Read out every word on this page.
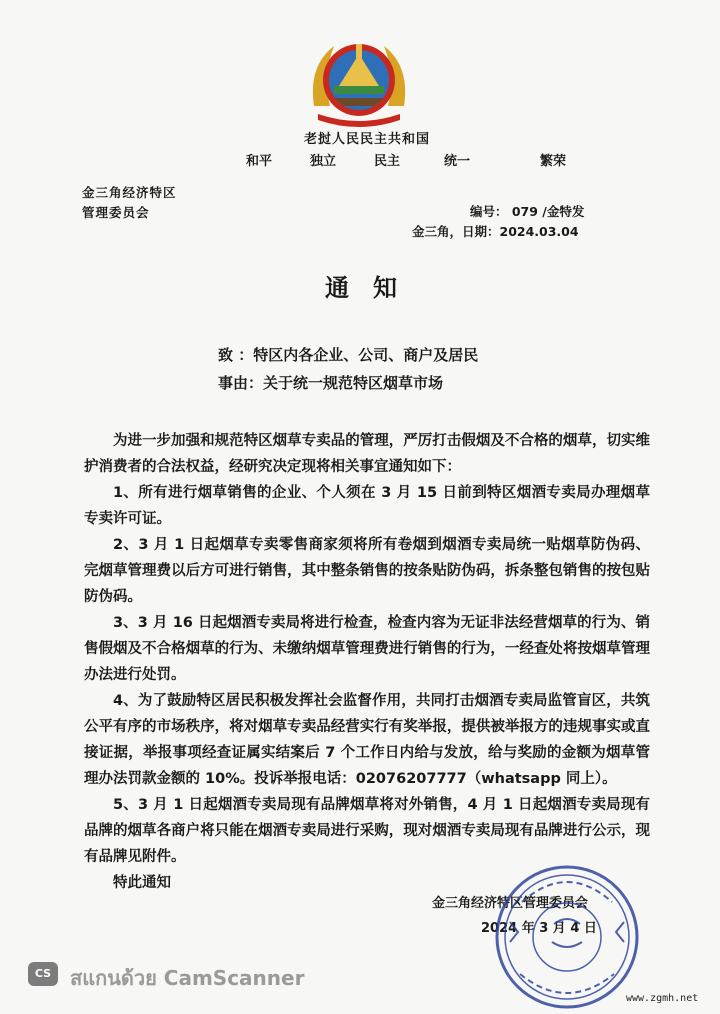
老挝人民民主共和国
和平	独立	民主	统一	繁荣
金三角经济特区
管理委员会	编号： 079 /金特发
金三角，日期：2024.03.04
通知
致 ：特区内各企业、公司、商户及居民
事由：关于统一规范特区烟草市场

为进一步加强和规范特区烟草专卖品的管理，严厉打击假烟及不合格的烟草，切实维护消费者的合法权益，经研究决定现将相关事宜通知如下：

1、所有进行烟草销售的企业、个人须在 3 月 15 日前到特区烟酒专卖局办理烟草专卖许可证。

2、3 月 1 日起烟草专卖零售商家须将所有卷烟到烟酒专卖局统一贴烟草防伪码、完烟草管理费以后方可进行销售，其中整条销售的按条贴防伪码，拆条整包销售的按包贴防伪码。

3、3 月 16 日起烟酒专卖局将进行检查，检查内容为无证非法经营烟草的行为、销售假烟及不合格烟草的行为、未缴纳烟草管理费进行销售的行为，一经查处将按烟草管理办法进行处罚。

4、为了鼓励特区居民积极发挥社会监督作用，共同打击烟酒专卖局监管盲区，共筑公平有序的市场秩序，将对烟草专卖品经营实行有奖举报，提供被举报方的违规事实或直接证据，举报事项经查证属实结案后 7 个工作日内给与发放，给与奖励的金额为烟草管理办法罚款金额的 10%。投诉举报电话：02076207777（whatsapp 同上）。

5、3 月 1 日起烟酒专卖局现有品牌烟草将对外销售，4 月 1 日起烟酒专卖局现有品牌的烟草各商户将只能在烟酒专卖局进行采购，现对烟酒专卖局现有品牌进行公示，现有品牌见附件。

特此通知

金三角经济特区管理委员会
2024 年 3 月 4 日
CS สแกนด้วย CamScanner
www.zgmh.net
